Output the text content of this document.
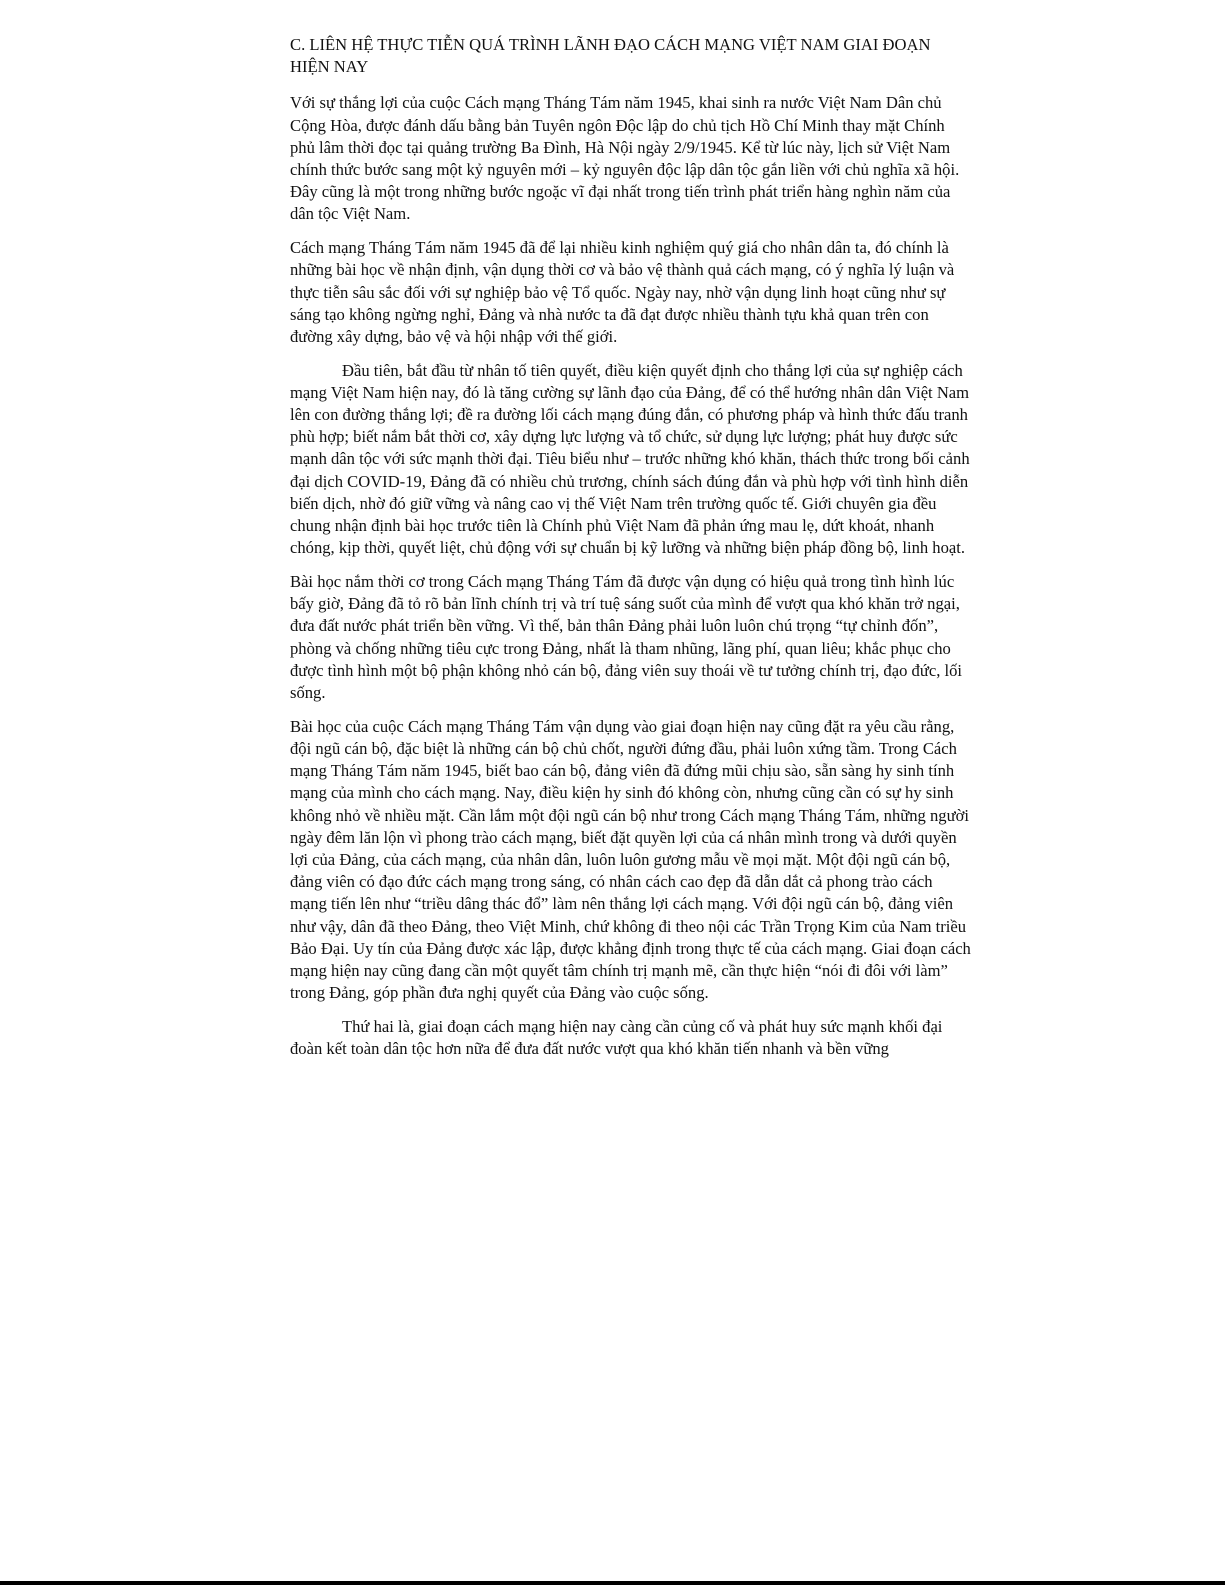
C. LIÊN HỆ THỰC TIỄN QUÁ TRÌNH LÃNH ĐẠO CÁCH MẠNG VIỆT NAM GIAI ĐOẠN HIỆN NAY

Với sự thắng lợi của cuộc Cách mạng Tháng Tám năm 1945, khai sinh ra nước Việt Nam Dân chủ Cộng Hòa, được đánh dấu bằng bản Tuyên ngôn Độc lập do chủ tịch Hồ Chí Minh thay mặt Chính phủ lâm thời đọc tại quảng trường Ba Đình, Hà Nội ngày 2/9/1945. Kể từ lúc này, lịch sử Việt Nam chính thức bước sang một kỷ nguyên mới – kỷ nguyên độc lập dân tộc gắn liền với chủ nghĩa xã hội. Đây cũng là một trong những bước ngoặc vĩ đại nhất trong tiến trình phát triển hàng nghìn năm của dân tộc Việt Nam.

Cách mạng Tháng Tám năm 1945 đã để lại nhiều kinh nghiệm quý giá cho nhân dân ta, đó chính là những bài học về nhận định, vận dụng thời cơ và bảo vệ thành quả cách mạng, có ý nghĩa lý luận và thực tiễn sâu sắc đối với sự nghiệp bảo vệ Tổ quốc. Ngày nay, nhờ vận dụng linh hoạt cũng như sự sáng tạo không ngừng nghỉ, Đảng và nhà nước ta đã đạt được nhiều thành tựu khả quan trên con đường xây dựng, bảo vệ và hội nhập với thế giới.

Đầu tiên, bắt đầu từ nhân tố tiên quyết, điều kiện quyết định cho thắng lợi của sự nghiệp cách mạng Việt Nam hiện nay, đó là tăng cường sự lãnh đạo của Đảng, để có thể hướng nhân dân Việt Nam lên con đường thắng lợi; đề ra đường lối cách mạng đúng đắn, có phương pháp và hình thức đấu tranh phù hợp; biết nắm bắt thời cơ, xây dựng lực lượng và tổ chức, sử dụng lực lượng; phát huy được sức mạnh dân tộc với sức mạnh thời đại. Tiêu biểu như – trước những khó khăn, thách thức trong bối cảnh đại dịch COVID-19, Đảng đã có nhiều chủ trương, chính sách đúng đắn và phù hợp với tình hình diễn biến dịch, nhờ đó giữ vững và nâng cao vị thế Việt Nam trên trường quốc tế. Giới chuyên gia đều chung nhận định bài học trước tiên là Chính phủ Việt Nam đã phản ứng mau lẹ, dứt khoát, nhanh chóng, kịp thời, quyết liệt, chủ động với sự chuẩn bị kỹ lưỡng và những biện pháp đồng bộ, linh hoạt.

Bài học nắm thời cơ trong Cách mạng Tháng Tám đã được vận dụng có hiệu quả trong tình hình lúc bấy giờ, Đảng đã tỏ rõ bản lĩnh chính trị và trí tuệ sáng suốt của mình để vượt qua khó khăn trở ngại, đưa đất nước phát triển bền vững. Vì thế, bản thân Đảng phải luôn luôn chú trọng “tự chỉnh đốn”, phòng và chống những tiêu cực trong Đảng, nhất là tham nhũng, lãng phí, quan liêu; khắc phục cho được tình hình một bộ phận không nhỏ cán bộ, đảng viên suy thoái về tư tưởng chính trị, đạo đức, lối sống.

Bài học của cuộc Cách mạng Tháng Tám vận dụng vào giai đoạn hiện nay cũng đặt ra yêu cầu rằng, đội ngũ cán bộ, đặc biệt là những cán bộ chủ chốt, người đứng đầu, phải luôn xứng tầm. Trong Cách mạng Tháng Tám năm 1945, biết bao cán bộ, đảng viên đã đứng mũi chịu sào, sẵn sàng hy sinh tính mạng của mình cho cách mạng. Nay, điều kiện hy sinh đó không còn, nhưng cũng cần có sự hy sinh không nhỏ về nhiều mặt. Cần lắm một đội ngũ cán bộ như trong Cách mạng Tháng Tám, những người ngày đêm lăn lộn vì phong trào cách mạng, biết đặt quyền lợi của cá nhân mình trong và dưới quyền lợi của Đảng, của cách mạng, của nhân dân, luôn luôn gương mẫu về mọi mặt. Một đội ngũ cán bộ, đảng viên có đạo đức cách mạng trong sáng, có nhân cách cao đẹp đã dẫn dắt cả phong trào cách mạng tiến lên như “triều dâng thác đổ” làm nên thắng lợi cách mạng. Với đội ngũ cán bộ, đảng viên như vậy, dân đã theo Đảng, theo Việt Minh, chứ không đi theo nội các Trần Trọng Kim của Nam triều Bảo Đại. Uy tín của Đảng được xác lập, được khẳng định trong thực tế của cách mạng. Giai đoạn cách mạng hiện nay cũng đang cần một quyết tâm chính trị mạnh mẽ, cần thực hiện “nói đi đôi với làm” trong Đảng, góp phần đưa nghị quyết của Đảng vào cuộc sống.

Thứ hai là, giai đoạn cách mạng hiện nay càng cần củng cố và phát huy sức mạnh khối đại đoàn kết toàn dân tộc hơn nữa để đưa đất nước vượt qua khó khăn tiến nhanh và bền vững
